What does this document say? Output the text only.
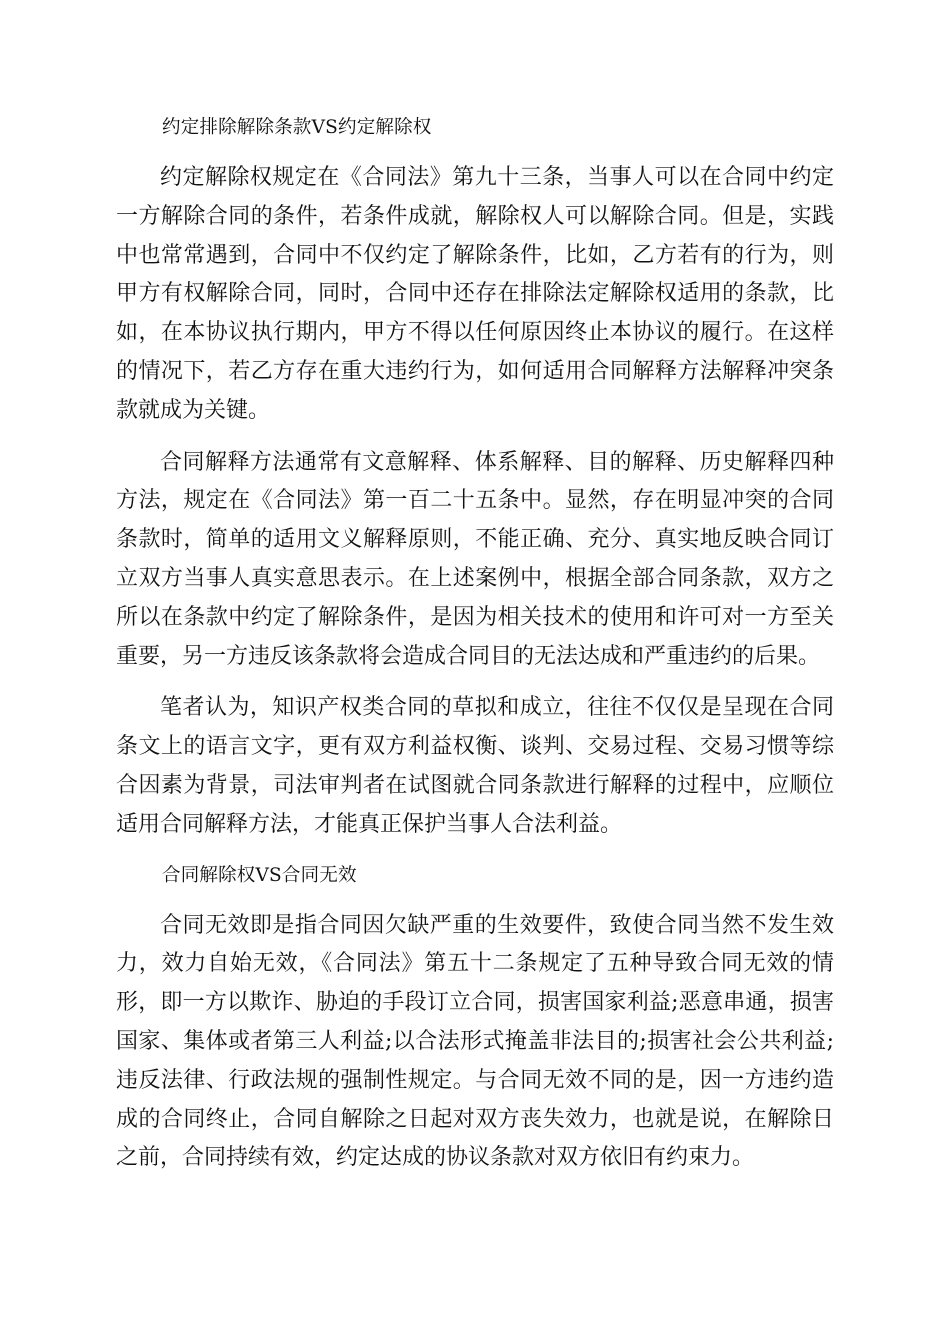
约定排除解除条款VS约定解除权

约定解除权规定在《合同法》第九十三条，当事人可以在合同中约定一方解除合同的条件，若条件成就，解除权人可以解除合同。但是，实践中也常常遇到，合同中不仅约定了解除条件，比如，乙方若有的行为，则甲方有权解除合同，同时，合同中还存在排除法定解除权适用的条款，比如，在本协议执行期内，甲方不得以任何原因终止本协议的履行。在这样的情况下，若乙方存在重大违约行为，如何适用合同解释方法解释冲突条款就成为关键。

合同解释方法通常有文意解释、体系解释、目的解释、历史解释四种方法，规定在《合同法》第一百二十五条中。显然，存在明显冲突的合同条款时，简单的适用文义解释原则，不能正确、充分、真实地反映合同订立双方当事人真实意思表示。在上述案例中，根据全部合同条款，双方之所以在条款中约定了解除条件，是因为相关技术的使用和许可对一方至关重要，另一方违反该条款将会造成合同目的无法达成和严重违约的后果。

笔者认为，知识产权类合同的草拟和成立，往往不仅仅是呈现在合同条文上的语言文字，更有双方利益权衡、谈判、交易过程、交易习惯等综合因素为背景，司法审判者在试图就合同条款进行解释的过程中，应顺位适用合同解释方法，才能真正保护当事人合法利益。

合同解除权VS合同无效

合同无效即是指合同因欠缺严重的生效要件，致使合同当然不发生效力，效力自始无效，《合同法》第五十二条规定了五种导致合同无效的情形，即一方以欺诈、胁迫的手段订立合同，损害国家利益;恶意串通，损害国家、集体或者第三人利益;以合法形式掩盖非法目的;损害社会公共利益;违反法律、行政法规的强制性规定。与合同无效不同的是，因一方违约造成的合同终止，合同自解除之日起对双方丧失效力，也就是说，在解除日之前，合同持续有效，约定达成的协议条款对双方依旧有约束力。
